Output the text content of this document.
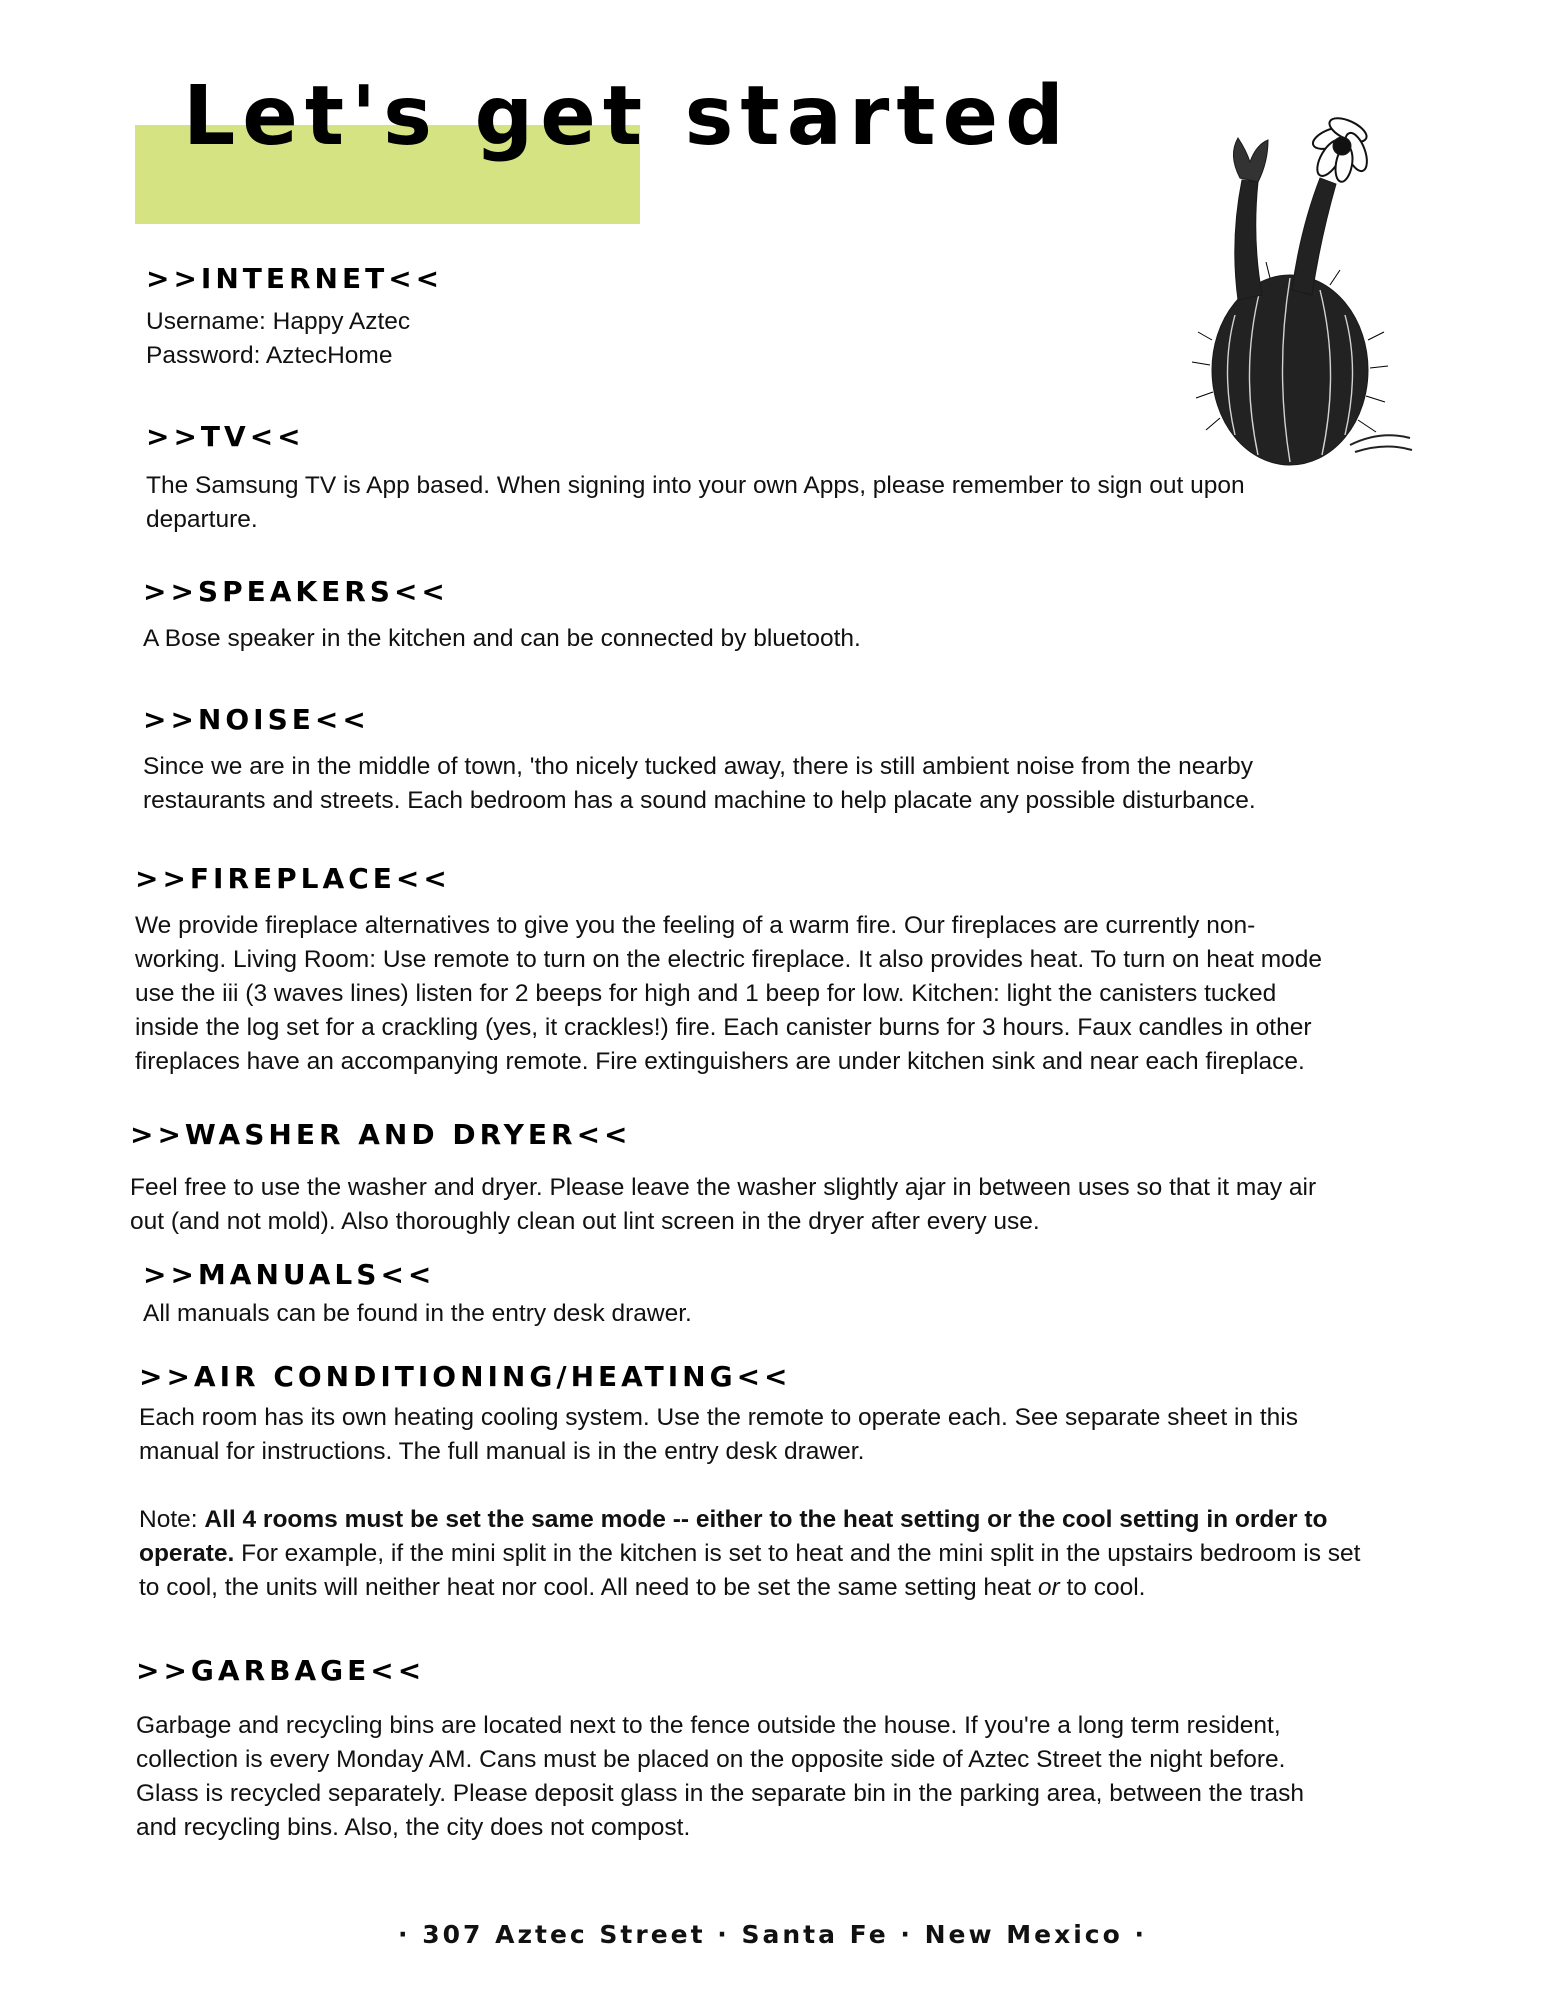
Let's get started
>>INTERNET<<

Username: Happy Aztec
Password: AztecHome

>>TV<<

The Samsung TV is App based. When signing into your own Apps, please remember to sign out upon departure.

>>SPEAKERS<<

A Bose speaker in the kitchen and can be connected by bluetooth.

>>NOISE<<

Since we are in the middle of town, 'tho nicely tucked away, there is still ambient noise from the nearby restaurants and streets. Each bedroom has a sound machine to help placate any possible disturbance.

>>FIREPLACE<<

We provide fireplace alternatives to give you the feeling of a warm fire. Our fireplaces are currently non-working. Living Room: Use remote to turn on the electric fireplace. It also provides heat. To turn on heat mode use the iii (3 waves lines) listen for 2 beeps for high and 1 beep for low. Kitchen: light the canisters tucked inside the log set for a crackling (yes, it crackles!) fire. Each canister burns for 3 hours. Faux candles in other fireplaces have an accompanying remote. Fire extinguishers are under kitchen sink and near each fireplace.

>>WASHER AND DRYER<<

Feel free to use the washer and dryer. Please leave the washer slightly ajar in between uses so that it may air out (and not mold). Also thoroughly clean out lint screen in the dryer after every use.

>>MANUALS<<

All manuals can be found in the entry desk drawer.

>>AIR CONDITIONING/HEATING<<

Each room has its own heating cooling system. Use the remote to operate each. See separate sheet in this manual for instructions. The full manual is in the entry desk drawer.

Note: All 4 rooms must be set the same mode -- either to the heat setting or the cool setting in order to operate. For example, if the mini split in the kitchen is set to heat and the mini split in the upstairs bedroom is set to cool, the units will neither heat nor cool. All need to be set the same setting heat or to cool.

>>GARBAGE<<

Garbage and recycling bins are located next to the fence outside the house. If you're a long term resident, collection is every Monday AM. Cans must be placed on the opposite side of Aztec Street the night before. Glass is recycled separately. Please deposit glass in the separate bin in the parking area, between the trash and recycling bins. Also, the city does not compost.

· 307 Aztec Street · Santa Fe · New Mexico ·
